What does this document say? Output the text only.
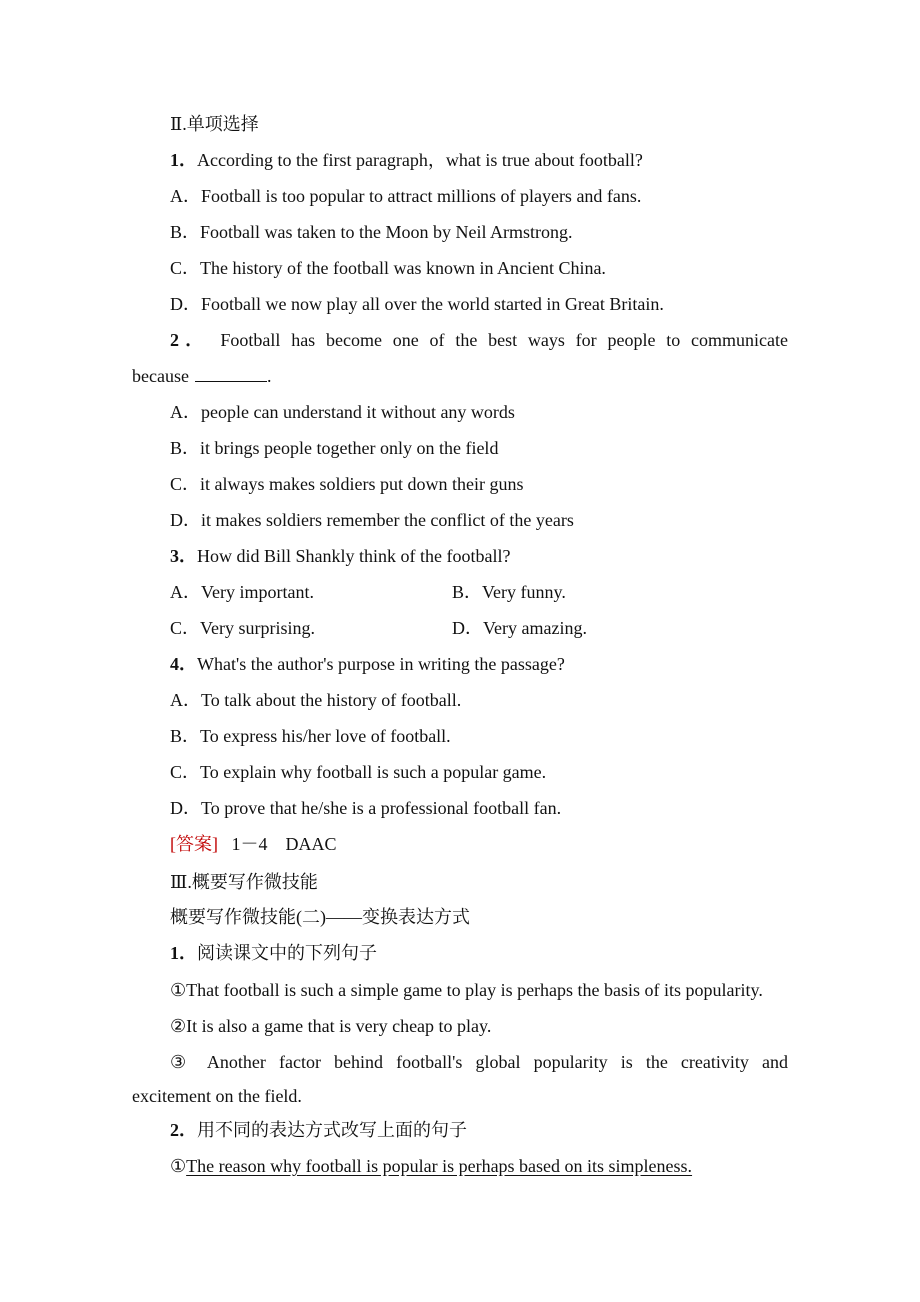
Ⅱ.单项选择
1．According to the first paragraph，what is true about football?
A．Football is too popular to attract millions of players and fans.
B．Football was taken to the Moon by Neil Armstrong.
C．The history of the football was known in Ancient China.
D．Football we now play all over the world started in Great Britain.
2． Football has become one of the best ways for people to communicate
because	.
A．people can understand it without any words
B．it brings people together only on the field
C．it always makes soldiers put down their guns
D．it makes soldiers remember the conflict of the years
3．How did Bill Shankly think of the football?
A．Very important.	B．Very funny.
C．Very surprising.	D．Very amazing.
4．What's the author's purpose in writing the passage?
A．To talk about the history of football.
B．To express his/her love of football.
C．To explain why football is such a popular game.
D．To prove that he/she is a professional football fan.
[答案] 1－4　DAAC
Ⅲ.概要写作微技能
概要写作微技能(二)——变换表达方式
1．阅读课文中的下列句子
①That football is such a simple game to play is perhaps the basis of its popularity.
②It is also a game that is very cheap to play.
③ Another factor behind football's global popularity is the creativity and
excitement on the field.
2．用不同的表达方式改写上面的句子
①The reason why football is popular is perhaps based on its simpleness.
